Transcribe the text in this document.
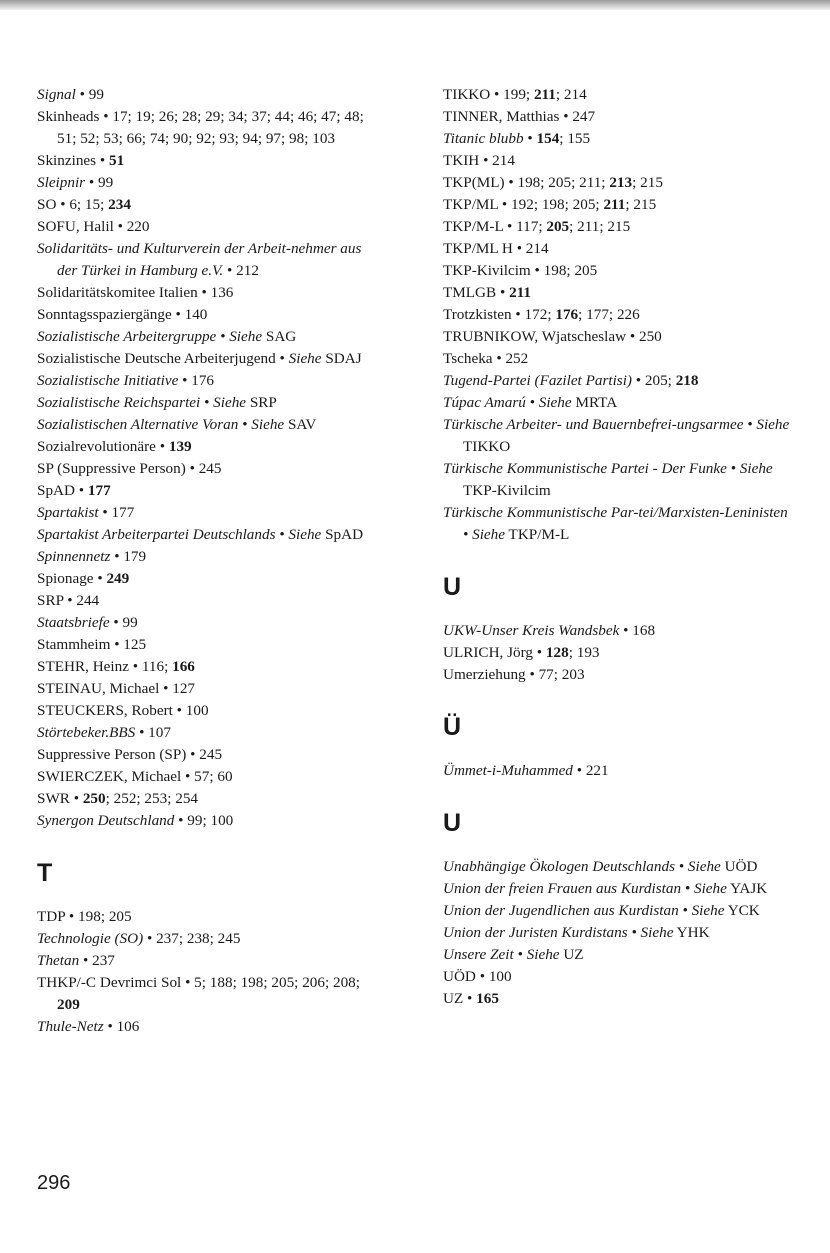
Signal • 99
Skinheads • 17; 19; 26; 28; 29; 34; 37; 44; 46; 47; 48; 51; 52; 53; 66; 74; 90; 92; 93; 94; 97; 98; 103
Skinzines • 51
Sleipnir • 99
SO • 6; 15; 234
SOFU, Halil • 220
Solidaritäts- und Kulturverein der Arbeit-nehmer aus der Türkei in Hamburg e.V. • 212
Solidaritätskomitee Italien • 136
Sonntagsspaziergänge • 140
Sozialistische Arbeitergruppe • Siehe SAG
Sozialistische Deutsche Arbeiterjugend • Siehe SDAJ
Sozialistische Initiative • 176
Sozialistische Reichspartei • Siehe SRP
Sozialistischen Alternative Voran • Siehe SAV
Sozialrevolutionäre • 139
SP (Suppressive Person) • 245
SpAD • 177
Spartakist • 177
Spartakist Arbeiterpartei Deutschlands • Siehe SpAD
Spinnennetz • 179
Spionage • 249
SRP • 244
Staatsbriefe • 99
Stammheim • 125
STEHR, Heinz • 116; 166
STEINAU, Michael • 127
STEUCKERS, Robert • 100
Störtebeker.BBS • 107
Suppressive Person (SP) • 245
SWIERCZEK, Michael • 57; 60
SWR • 250; 252; 253; 254
Synergon Deutschland • 99; 100
T
TDP • 198; 205
Technologie (SO) • 237; 238; 245
Thetan • 237
THKP/-C Devrimci Sol • 5; 188; 198; 205; 206; 208; 209
Thule-Netz • 106
TIKKO • 199; 211; 214
TINNER, Matthias • 247
Titanic blubb • 154; 155
TKIH • 214
TKP(ML) • 198; 205; 211; 213; 215
TKP/ML • 192; 198; 205; 211; 215
TKP/M-L • 117; 205; 211; 215
TKP/ML H • 214
TKP-Kivilcim • 198; 205
TMLGB • 211
Trotzkisten • 172; 176; 177; 226
TRUBNIKOW, Wjatscheslaw • 250
Tscheka • 252
Tugend-Partei (Fazilet Partisi) • 205; 218
Túpac Amarú • Siehe MRTA
Türkische Arbeiter- und Bauernbefrei-ungsarmee • Siehe TIKKO
Türkische Kommunistische Partei - Der Funke • Siehe TKP-Kivilcim
Türkische Kommunistische Par-tei/Marxisten-Leninisten • Siehe TKP/M-L
U
UKW-Unser Kreis Wandsbek • 168
ULRICH, Jörg • 128; 193
Umerziehung • 77; 203
Ü
Ümmet-i-Muhammed • 221
U
Unabhängige Ökologen Deutschlands • Siehe UÖD
Union der freien Frauen aus Kurdistan • Siehe YAJK
Union der Jugendlichen aus Kurdistan • Siehe YCK
Union der Juristen Kurdistans • Siehe YHK
Unsere Zeit • Siehe UZ
UÖD • 100
UZ • 165
296
